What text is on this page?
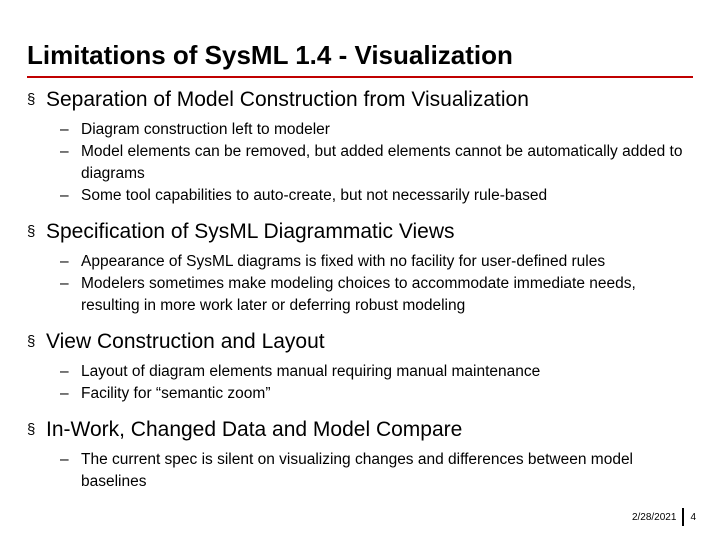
Limitations of SysML 1.4 - Visualization
§ Separation of Model Construction from Visualization
– Diagram construction left to modeler
– Model elements can be removed, but added elements cannot be automatically added to diagrams
– Some tool capabilities to auto-create, but not necessarily rule-based
§ Specification of SysML Diagrammatic Views
– Appearance of SysML diagrams is fixed with no facility for user-defined rules
– Modelers sometimes make modeling choices to accommodate immediate needs, resulting in more work later or deferring robust modeling
§ View Construction and Layout
– Layout of diagram elements manual requiring manual maintenance
– Facility for “semantic zoom”
§ In-Work, Changed Data and Model Compare
– The current spec is silent on visualizing changes and differences between model baselines
2/28/2021 4
